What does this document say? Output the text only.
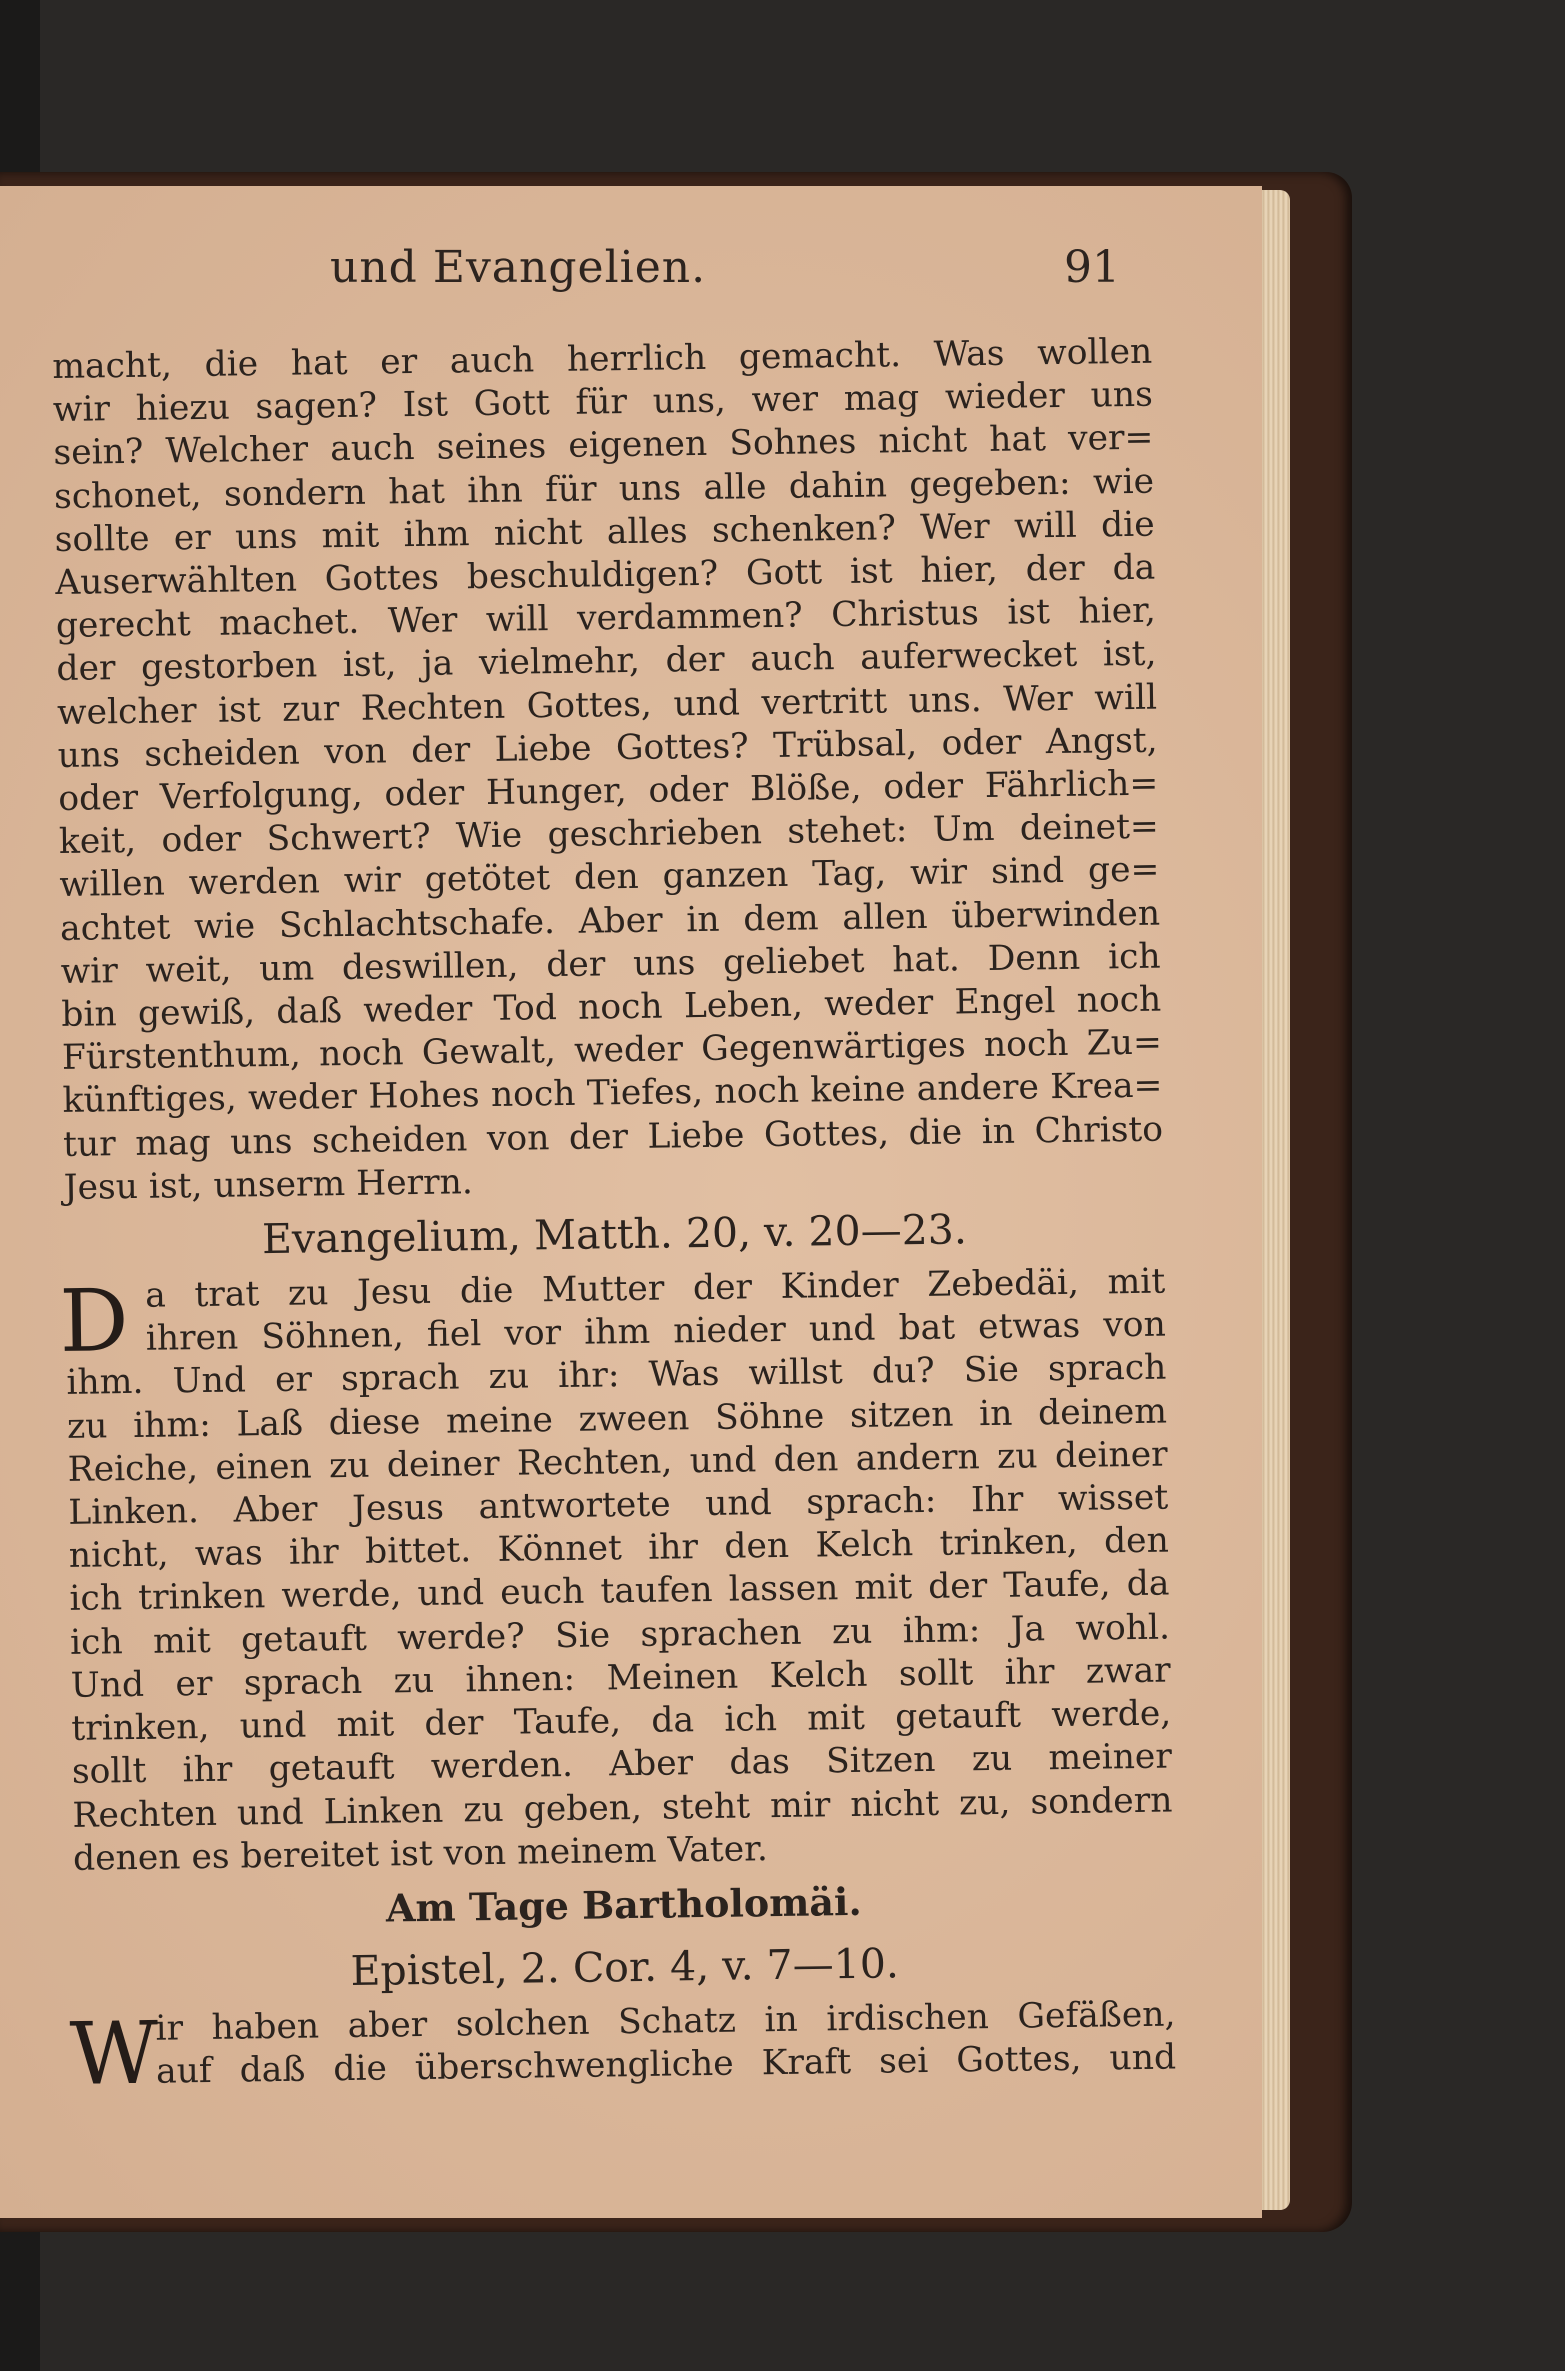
und Evangelien.	91
macht, die hat er auch herrlich gemacht. Was wollen
wir hiezu sagen? Ist Gott für uns, wer mag wieder uns
sein? Welcher auch seines eigenen Sohnes nicht hat ver=
schonet, sondern hat ihn für uns alle dahin gegeben: wie
sollte er uns mit ihm nicht alles schenken? Wer will die
Auserwählten Gottes beschuldigen? Gott ist hier, der da
gerecht machet. Wer will verdammen? Christus ist hier,
der gestorben ist, ja vielmehr, der auch auferwecket ist,
welcher ist zur Rechten Gottes, und vertritt uns. Wer will
uns scheiden von der Liebe Gottes? Trübsal, oder Angst,
oder Verfolgung, oder Hunger, oder Blöße, oder Fährlich=
keit, oder Schwert? Wie geschrieben stehet: Um deinet=
willen werden wir getötet den ganzen Tag, wir sind ge=
achtet wie Schlachtschafe. Aber in dem allen überwinden
wir weit, um deswillen, der uns geliebet hat. Denn ich
bin gewiß, daß weder Tod noch Leben, weder Engel noch
Fürstenthum, noch Gewalt, weder Gegenwärtiges noch Zu=
künftiges, weder Hohes noch Tiefes, noch keine andere Krea=
tur mag uns scheiden von der Liebe Gottes, die in Christo
Jesu ist, unserm Herrn.
Evangelium, Matth. 20, v. 20—23.
D a trat zu Jesu die Mutter der Kinder Zebedäi, mit
ihren Söhnen, fiel vor ihm nieder und bat etwas von
ihm. Und er sprach zu ihr: Was willst du? Sie sprach
zu ihm: Laß diese meine zween Söhne sitzen in deinem
Reiche, einen zu deiner Rechten, und den andern zu deiner
Linken. Aber Jesus antwortete und sprach: Ihr wisset
nicht, was ihr bittet. Könnet ihr den Kelch trinken, den
ich trinken werde, und euch taufen lassen mit der Taufe, da
ich mit getauft werde? Sie sprachen zu ihm: Ja wohl.
Und er sprach zu ihnen: Meinen Kelch sollt ihr zwar
trinken, und mit der Taufe, da ich mit getauft werde,
sollt ihr getauft werden. Aber das Sitzen zu meiner
Rechten und Linken zu geben, steht mir nicht zu, sondern
denen es bereitet ist von meinem Vater.
Am Tage Bartholomäi.
Epistel, 2. Cor. 4, v. 7—10.
W
ir haben aber solchen Schatz in irdischen Gefäßen,
auf daß die überschwengliche Kraft sei Gottes, und
